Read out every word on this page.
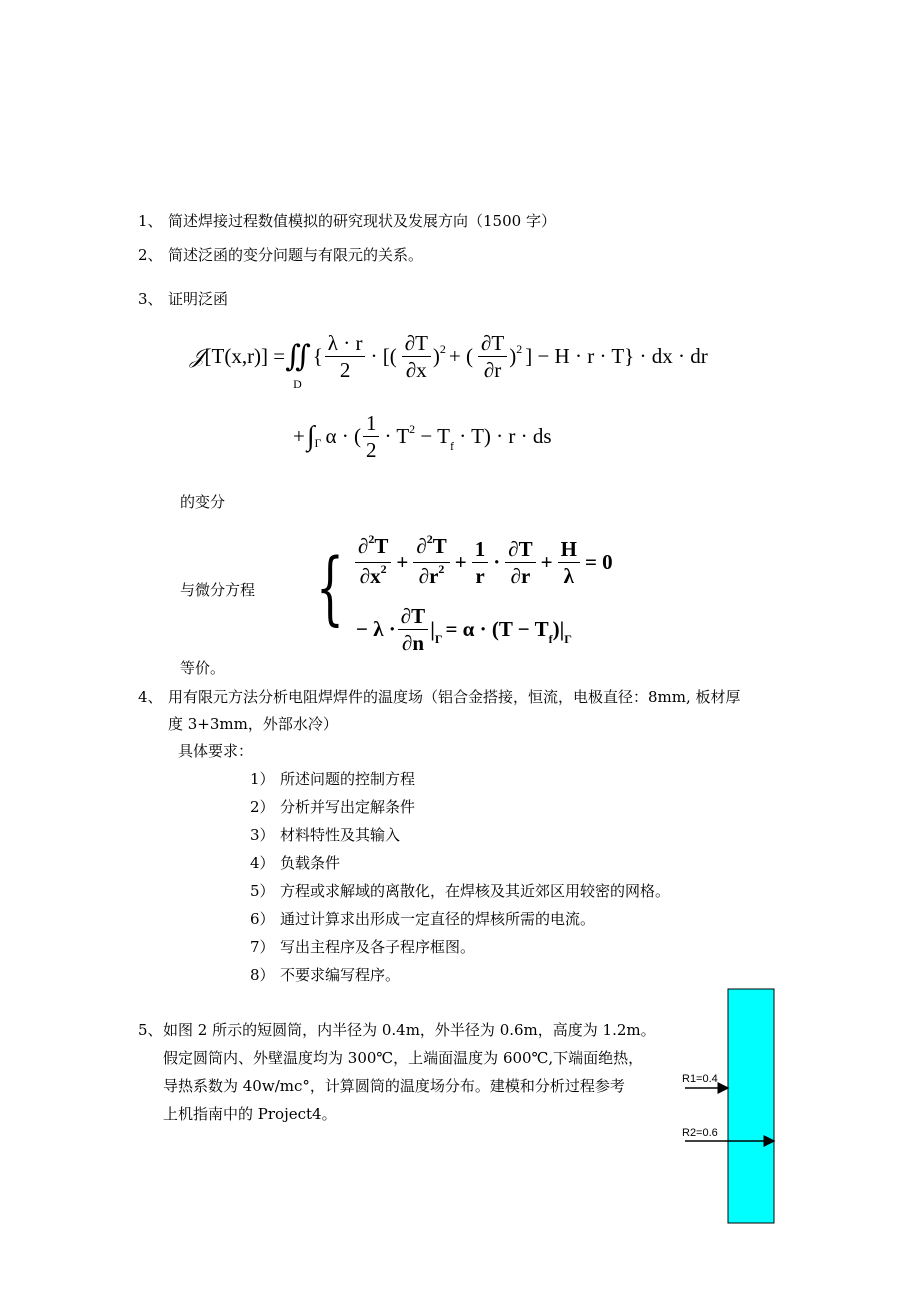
1、 简述焊接过程数值模拟的研究现状及发展方向（1500 字）
2、 简述泛函的变分问题与有限元的关系。
3、 证明泛函
𝒥 [T(x,r)] = ∬
D
{ $\frac{\lambda \cdot r}{2}$ · [( $\frac{\partial T}{\partial x} )^2$ + ( $\frac{\partial T}{\partial r} )^2$ ] − H · r · T} · dx · dr
+ ∫ Γ α · ( $\frac{1}{2} \cdot T^2 - T_f \cdot T) \cdot r$ · ds
的变分
与微分方程 { $\frac{\partial^2T}{\partial x^2} + \frac{\partial^2T}{\partial r^2} + \frac{1}{r} \cdot \frac{\partial T}{\partial r} + \frac{H}{\lambda} = 0$
− $\lambda \cdot \frac{\partial T}{\partial n} |_\Gamma = \alpha \cdot (T - T_f)|_\Gamma$
等价。
4、 用有限元方法分析电阻焊焊件的温度场（铝合金搭接，恒流，电极直径：8mm, 板材厚
度 3+3mm，外部水冷）
具体要求：
1） 所述问题的控制方程
2） 分析并写出定解条件
3） 材料特性及其输入
4） 负载条件
5） 方程或求解域的离散化，在焊核及其近郊区用较密的网格。
6） 通过计算求出形成一定直径的焊核所需的电流。
7） 写出主程序及各子程序框图。
8） 不要求编写程序。
5、 如图 2 所示的短圆筒，内半径为 0.4m，外半径为 0.6m，高度为 1.2m。
假定圆筒内、外壁温度均为 300℃，上端面温度为 600℃,下端面绝热，
导热系数为 40w/mc°，计算圆筒的温度场分布。建模和分析过程参考
上机指南中的 Project4。
R1=0.4
R2=0.6
